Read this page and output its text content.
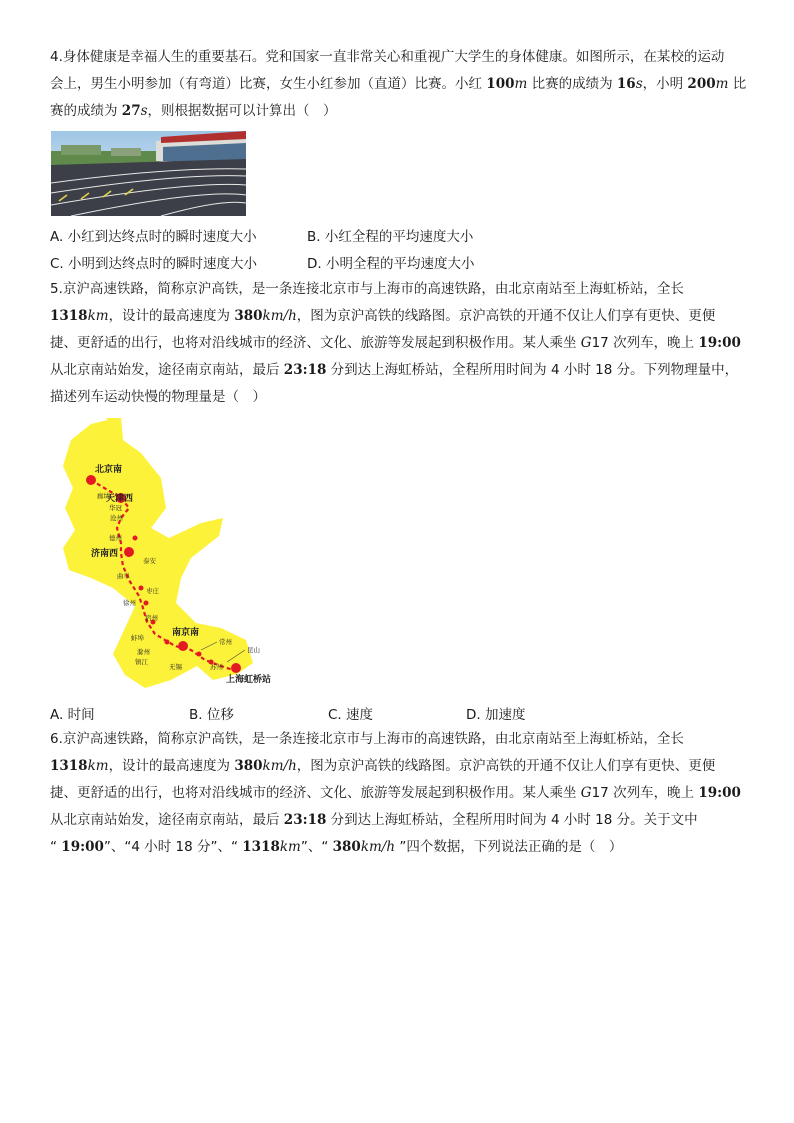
4.身体健康是幸福人生的重要基石。党和国家一直非常关心和重视广大学生的身体健康。如图所示，在某校的运动
会上，男生小明参加（有弯道）比赛，女生小红参加（直道）比赛。小红 100m 比赛的成绩为 16s，小明 200m 比
赛的成绩为 27s，则根据数据可以计算出（　）
A. 小红到达终点时的瞬时速度大小	B. 小红全程的平均速度大小
C. 小明到达终点时的瞬时速度大小	D. 小明全程的平均速度大小
5.京沪高速铁路，简称京沪高铁，是一条连接北京市与上海市的高速铁路，由北京南站至上海虹桥站，全长
1318km，设计的最高速度为 380km/h，图为京沪高铁的线路图。京沪高铁的开通不仅让人们享有更快、更便
捷、更舒适的出行，也将对沿线城市的经济、文化、旅游等发展起到积极作用。某人乘坐 G17 次列车，晚上 19:00
从北京南站始发，途径南京南站，最后 23:18 分到达上海虹桥站，全程所用时间为 4 小时 18 分。下列物理量中，
描述列车运动快慢的物理量是（　）
北京南
天津西
廊坊
华冠
沧州
德州
济南西
泰安
曲阜
枣庄
徐州
宿州
南京南
蚌埠
滁州
镇江
常州
无锡	苏州
昆山
上海虹桥站
A. 时间	B. 位移	C. 速度	D. 加速度
6.京沪高速铁路，简称京沪高铁，是一条连接北京市与上海市的高速铁路，由北京南站至上海虹桥站，全长
1318km，设计的最高速度为 380km/h，图为京沪高铁的线路图。京沪高铁的开通不仅让人们享有更快、更便
捷、更舒适的出行，也将对沿线城市的经济、文化、旅游等发展起到积极作用。某人乘坐 G17 次列车，晚上 19:00
从北京南站始发，途径南京南站，最后 23:18 分到达上海虹桥站，全程所用时间为 4 小时 18 分。关于文中
“ 19:00”、“4 小时 18 分”、“ 1318km”、“ 380km/h ”四个数据，下列说法正确的是（　）
